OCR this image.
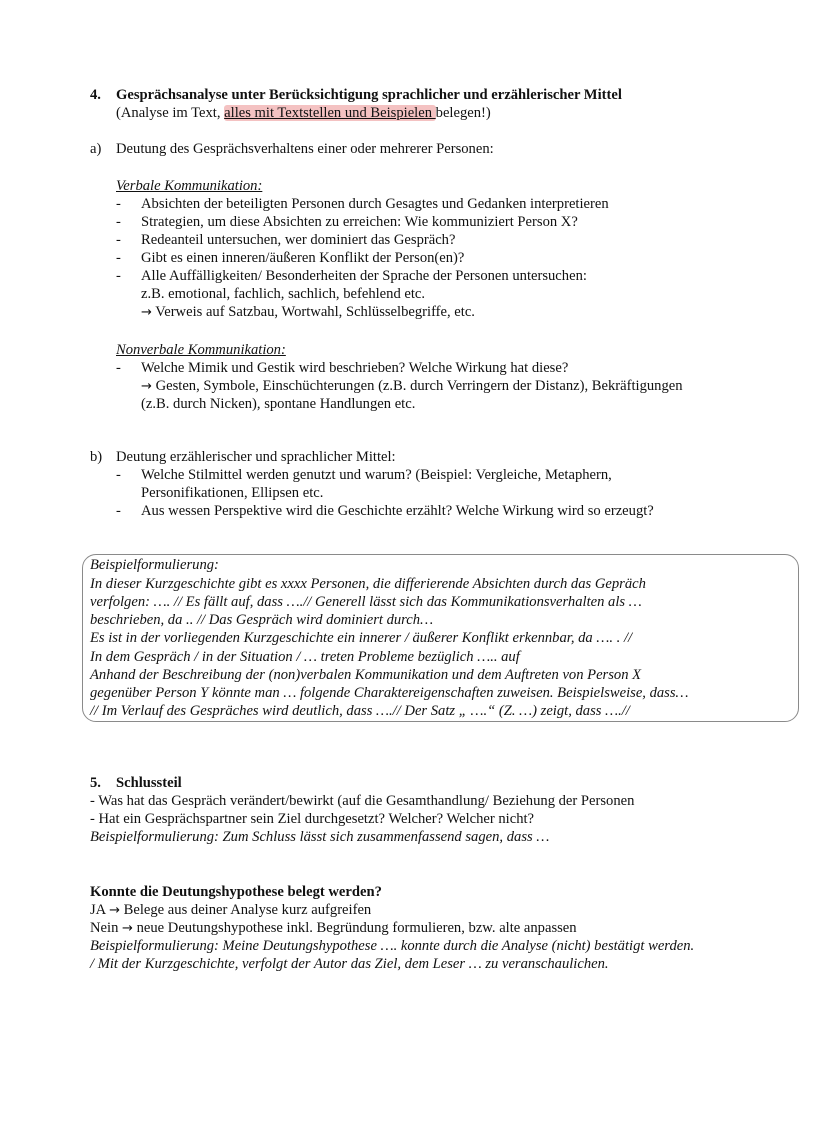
4. Gesprächsanalyse unter Berücksichtigung sprachlicher und erzählerischer Mittel
(Analyse im Text, alles mit Textstellen und Beispielen belegen!)
a) Deutung des Gesprächsverhaltens einer oder mehrerer Personen:
Verbale Kommunikation:
- Absichten der beteiligten Personen durch Gesagtes und Gedanken interpretieren
- Strategien, um diese Absichten zu erreichen: Wie kommuniziert Person X?
- Redeanteil untersuchen, wer dominiert das Gespräch?
- Gibt es einen inneren/äußeren Konflikt der Person(en)?
- Alle Auffälligkeiten/ Besonderheiten der Sprache der Personen untersuchen:
z.B. emotional, fachlich, sachlich, befehlend etc.
→ Verweis auf Satzbau, Wortwahl, Schlüsselbegriffe, etc.
Nonverbale Kommunikation:
- Welche Mimik und Gestik wird beschrieben? Welche Wirkung hat diese?
→ Gesten, Symbole, Einschüchterungen (z.B. durch Verringern der Distanz), Bekräftigungen
(z.B. durch Nicken), spontane Handlungen etc.
b) Deutung erzählerischer und sprachlicher Mittel:
- Welche Stilmittel werden genutzt und warum? (Beispiel: Vergleiche, Metaphern,
Personifikationen, Ellipsen etc.
- Aus wessen Perspektive wird die Geschichte erzählt? Welche Wirkung wird so erzeugt?
Beispielformulierung:
In dieser Kurzgeschichte gibt es xxxx Personen, die differierende Absichten durch das Gepräch
verfolgen: …. // Es fällt auf, dass ….// Generell lässt sich das Kommunikationsverhalten als …
beschrieben, da .. // Das Gespräch wird dominiert durch…
Es ist in der vorliegenden Kurzgeschichte ein innerer / äußerer Konflikt erkennbar, da …. . //
In dem Gespräch / in der Situation / … treten Probleme bezüglich ….. auf
Anhand der Beschreibung der (non)verbalen Kommunikation und dem Auftreten von Person X
gegenüber Person Y könnte man … folgende Charaktereigenschaften zuweisen. Beispielsweise, dass…
// Im Verlauf des Gespräches wird deutlich, dass ….// Der Satz „ ….“ (Z. …) zeigt, dass ….//
5. Schlussteil
- Was hat das Gespräch verändert/bewirkt (auf die Gesamthandlung/ Beziehung der Personen
- Hat ein Gesprächspartner sein Ziel durchgesetzt? Welcher? Welcher nicht?
Beispielformulierung: Zum Schluss lässt sich zusammenfassend sagen, dass …
Konnte die Deutungshypothese belegt werden?
JA → Belege aus deiner Analyse kurz aufgreifen
Nein → neue Deutungshypothese inkl. Begründung formulieren, bzw. alte anpassen
Beispielformulierung: Meine Deutungshypothese …. konnte durch die Analyse (nicht) bestätigt werden.
/ Mit der Kurzgeschichte, verfolgt der Autor das Ziel, dem Leser … zu veranschaulichen.
